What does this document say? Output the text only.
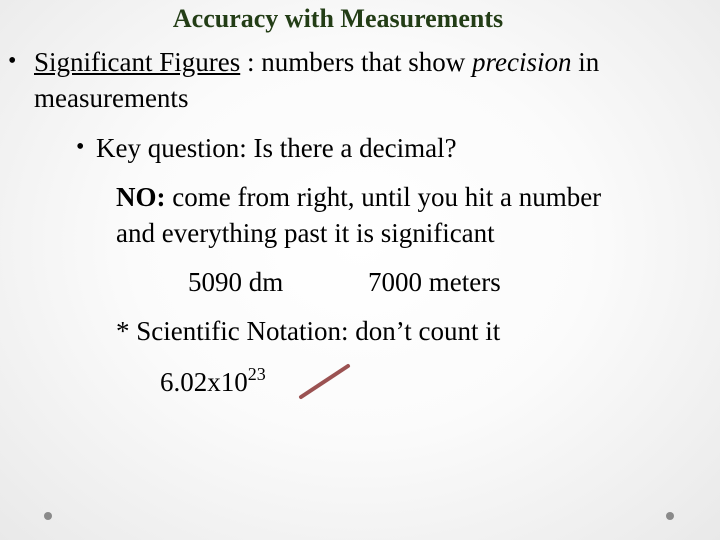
Accuracy with Measurements
• Significant Figures : numbers that show precision in
measurements
• Key question: Is there a decimal?
NO: come from right, until you hit a number
and everything past it is significant
5090 dm	7000 meters
* Scientific Notation: don’t count it
$6.02x10^{23}$
